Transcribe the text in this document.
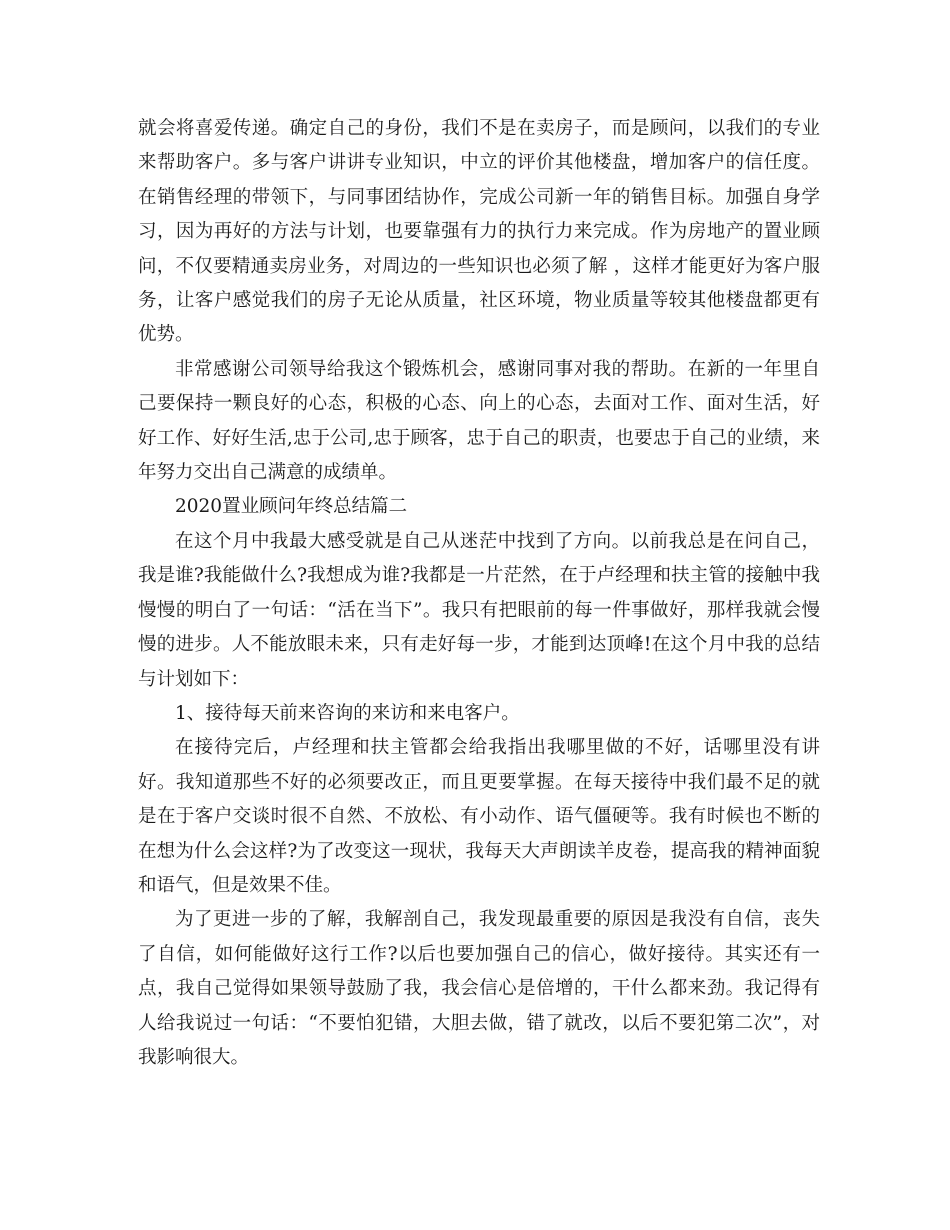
就会将喜爱传递。确定自己的身份，我们不是在卖房子，而是顾问，以我们的专业来帮助客户。多与客户讲讲专业知识，中立的评价其他楼盘，增加客户的信任度。在销售经理的带领下，与同事团结协作，完成公司新一年的销售目标。加强自身学习，因为再好的方法与计划，也要靠强有力的执行力来完成。作为房地产的置业顾问，不仅要精通卖房业务，对周边的一些知识也必须了解 ，这样才能更好为客户服务，让客户感觉我们的房子无论从质量，社区环境，物业质量等较其他楼盘都更有优势。

非常感谢公司领导给我这个锻炼机会，感谢同事对我的帮助。在新的一年里自己要保持一颗良好的心态，积极的心态、向上的心态，去面对工作、面对生活，好好工作、好好生活,忠于公司,忠于顾客，忠于自己的职责，也要忠于自己的业绩，来年努力交出自己满意的成绩单。

2020置业顾问年终总结篇二

在这个月中我最大感受就是自己从迷茫中找到了方向。以前我总是在问自己，我是谁?我能做什么?我想成为谁?我都是一片茫然，在于卢经理和扶主管的接触中我慢慢的明白了一句话：“活在当下”。我只有把眼前的每一件事做好，那样我就会慢慢的进步。人不能放眼未来，只有走好每一步，才能到达顶峰!在这个月中我的总结与计划如下：

1、接待每天前来咨询的来访和来电客户。

在接待完后，卢经理和扶主管都会给我指出我哪里做的不好，话哪里没有讲好。我知道那些不好的必须要改正，而且更要掌握。在每天接待中我们最不足的就是在于客户交谈时很不自然、不放松、有小动作、语气僵硬等。我有时候也不断的在想为什么会这样?为了改变这一现状，我每天大声朗读羊皮卷，提高我的精神面貌和语气，但是效果不佳。

为了更进一步的了解，我解剖自己，我发现最重要的原因是我没有自信，丧失了自信，如何能做好这行工作?以后也要加强自己的信心，做好接待。其实还有一点，我自己觉得如果领导鼓励了我，我会信心是倍增的，干什么都来劲。我记得有人给我说过一句话：“不要怕犯错，大胆去做，错了就改，以后不要犯第二次”，对我影响很大。
